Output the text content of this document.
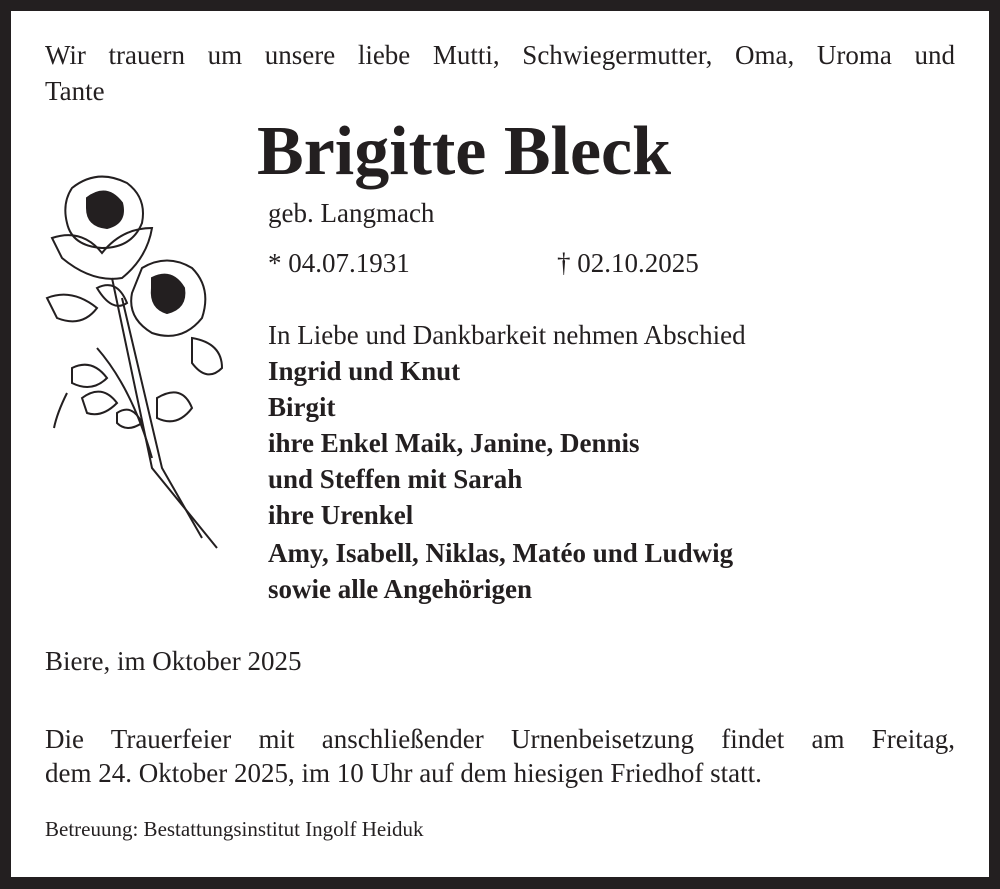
Wir trauern um unsere liebe Mutti, Schwiegermutter, Oma, Uroma und
Tante
Brigitte Bleck
geb. Langmach
* 04.07.1931	† 02.10.2025
In Liebe und Dankbarkeit nehmen Abschied
Ingrid und Knut
Birgit
ihre Enkel Maik, Janine, Dennis
und Steffen mit Sarah
ihre Urenkel
Amy, Isabell, Niklas, Matéo und Ludwig
sowie alle Angehörigen
Biere, im Oktober 2025
Die Trauerfeier mit anschließender Urnenbeisetzung findet am Freitag,
dem 24. Oktober 2025, im 10 Uhr auf dem hiesigen Friedhof statt.
Betreuung: Bestattungsinstitut Ingolf Heiduk
